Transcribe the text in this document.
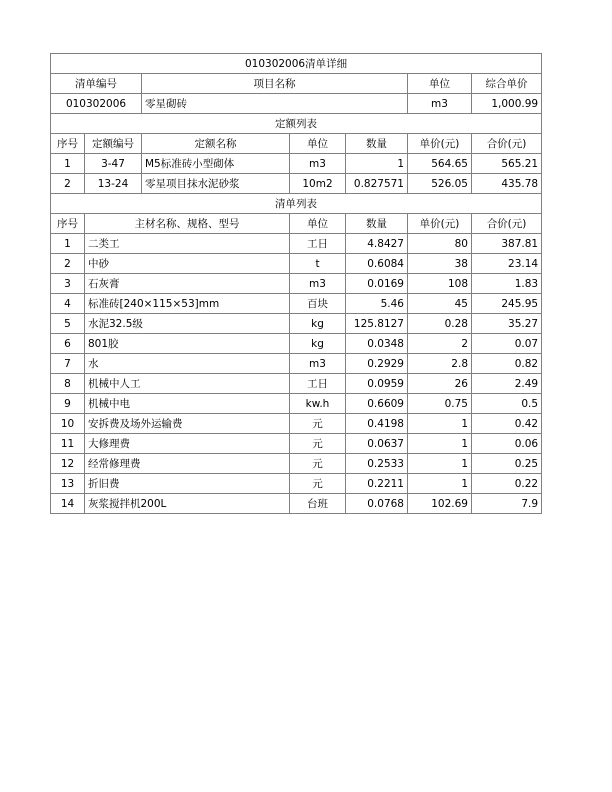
010302006清单详细						
清单编号		项目名称			单位	综合单价
010302006		零星砌砖			m3	1,000.99
定额列表						
序号	定额编号	定额名称	单位	数量	单价(元)	合价(元)
1	3-47	M5标准砖小型砌体	m3	1	564.65	565.21
2	13-24	零星项目抹水泥砂浆	10m2	0.827571	526.05	435.78
清单列表						
序号	主材名称、规格、型号		单位	数量	单价(元)	合价(元)
1	二类工		工日	4.8427	80	387.81
2	中砂		t	0.6084	38	23.14
3	石灰膏		m3	0.0169	108	1.83
4	标准砖[240×115×53]mm		百块	5.46	45	245.95
5	水泥32.5级		kg	125.8127	0.28	35.27
6	801胶		kg	0.0348	2	0.07
7	水		m3	0.2929	2.8	0.82
8	机械中人工		工日	0.0959	26	2.49
9	机械中电		kw.h	0.6609	0.75	0.5
10	安拆费及场外运输费		元	0.4198	1	0.42
11	大修理费		元	0.0637	1	0.06
12	经常修理费		元	0.2533	1	0.25
13	折旧费		元	0.2211	1	0.22
14	灰浆搅拌机200L		台班	0.0768	102.69	7.9
